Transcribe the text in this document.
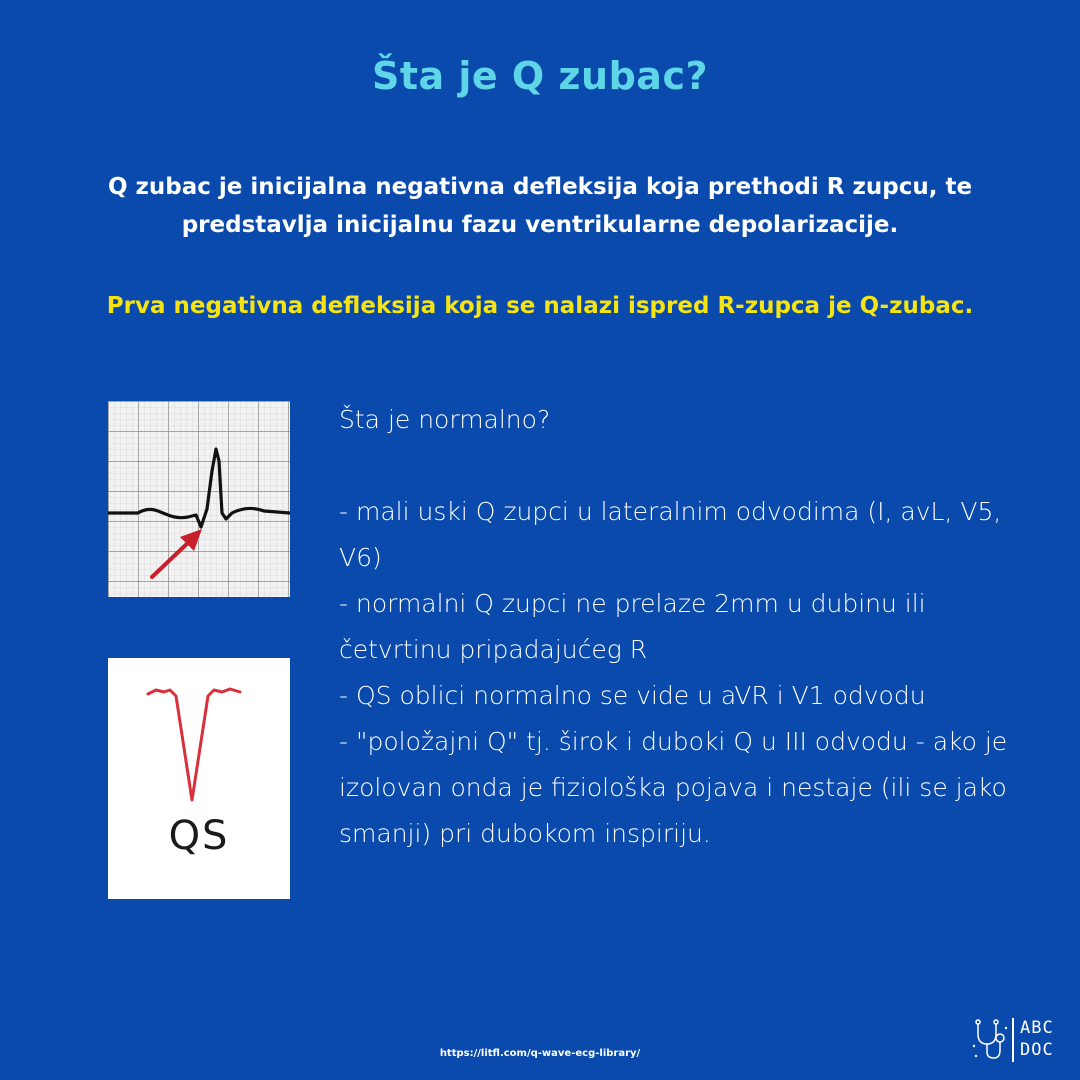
Šta je Q zubac?
Q zubac je inicijalna negativna defleksija koja prethodi R zupcu, te predstavlja inicijalnu fazu ventrikularne depolarizacije.
Prva negativna defleksija koja se nalazi ispred R-zupca je Q-zubac.
QS
Šta je normalno?
- mali uski Q zupci u lateralnim odvodima (I, avL, V5, V6)
- normalni Q zupci ne prelaze 2mm u dubinu ili četvrtinu pripadajućeg R
- QS oblici normalno se vide u aVR i V1 odvodu
- "položajni Q" tj. širok i duboki Q u III odvodu - ako je izolovan onda je fiziološka pojava i nestaje (ili se jako smanji) pri dubokom inspiriju.
https://litfl.com/q-wave-ecg-library/
ABC
DOC
